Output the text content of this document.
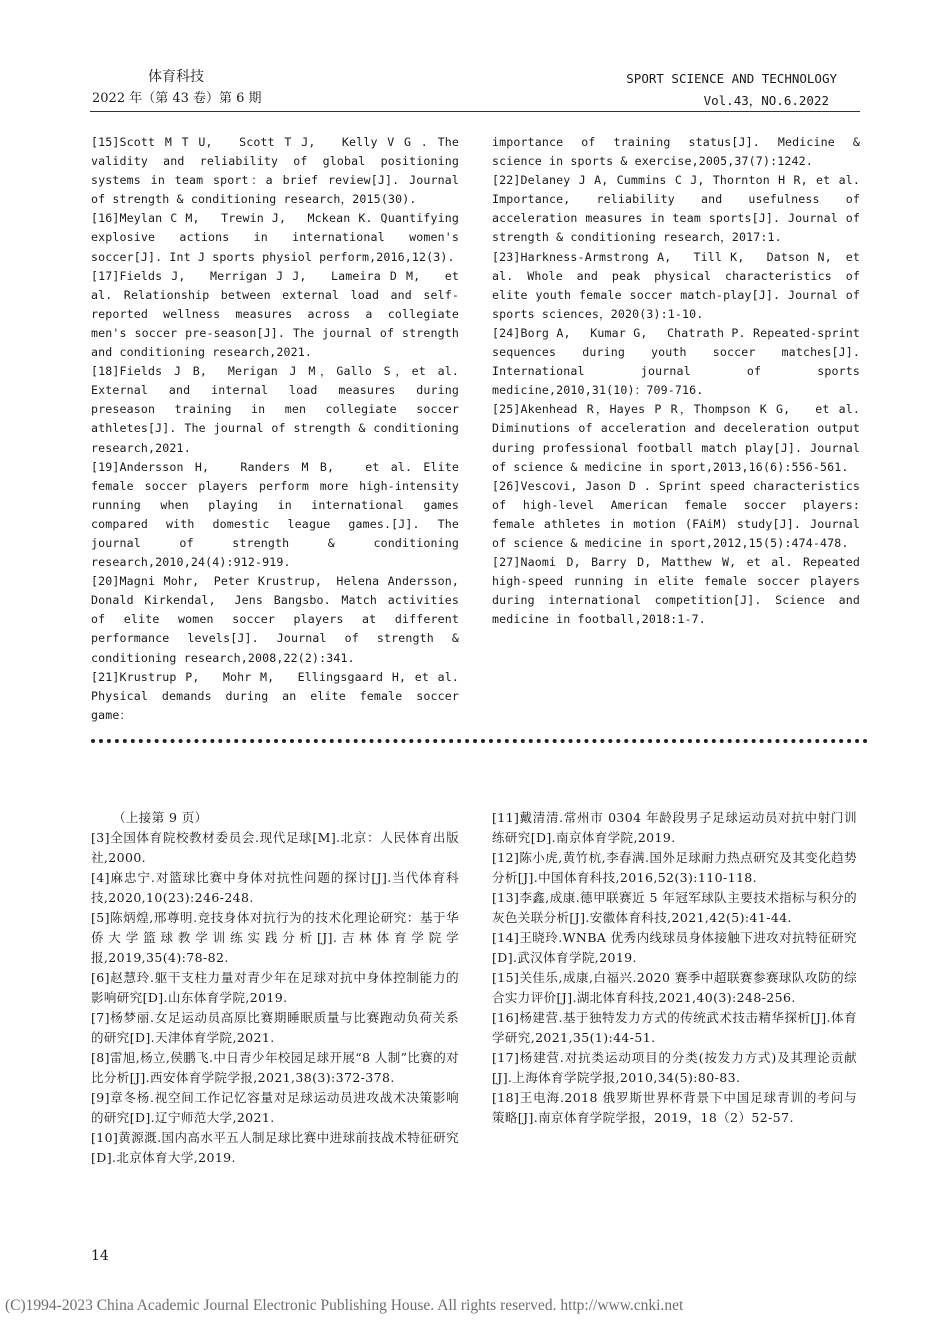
体育科技
2022 年（第 43 卷）第 6 期
SPORT SCIENCE AND TECHNOLOGY
Vol.43，NO.6.2022

[15]Scott M T U,　 Scott T J,　 Kelly V G . The validity and reliability of global positioning systems in team sport：a brief review[J]. Journal of strength & conditioning research，2015(30).

[16]Meylan C M,　 Trewin J,　 Mckean K. Quantifying explosive actions in international women's soccer[J]. Int J sports physiol perform,2016,12(3).

[17]Fields J,　 Merrigan J J,　 Lameira D M,　 et al. Relationship between external load and self-reported wellness measures across a collegiate men's soccer pre-season[J]. The journal of strength and conditioning research,2021.

[18]Fields J B,　Merigan J M，Gallo S，et al. External and internal load measures during preseason training in men collegiate soccer athletes[J]. The journal of strength & conditioning research,2021.

[19]Andersson H,　 Randers M B,　 et al. Elite female soccer players perform more high-intensity running when playing in international games compared with domestic league games.[J]. The journal of strength & conditioning research,2010,24(4):912-919.

[20]Magni Mohr,　Peter Krustrup,　Helena Andersson,　Donald Kirkendal,　Jens Bangsbo. Match activities of elite women soccer players at different performance levels[J]. Journal of strength & conditioning research,2008,22(2):341.

[21]Krustrup P,　 Mohr M,　 Ellingsgaard H, et al. Physical demands during an elite female soccer game：

importance of training status[J]. Medicine & science in sports & exercise,2005,37(7):1242.

[22]Delaney J A, Cummins C J, Thornton H R, et al. Importance, reliability and usefulness of acceleration measures in team sports[J]. Journal of strength & conditioning research，2017:1.

[23]Harkness-Armstrong A,　 Till K,　 Datson N,　et al. Whole and peak physical characteristics of elite youth female soccer match-play[J]. Journal of sports sciences，2020(3):1-10.

[24]Borg A,　 Kumar G,　 Chatrath P. Repeated-sprint sequences during youth soccer matches[J]. International journal of sports medicine,2010,31(10)：709-716.

[25]Akenhead R，Hayes P R，Thompson K G,　 et al. Diminutions of acceleration and deceleration output during professional football match play[J]. Journal of science & medicine in sport,2013,16(6):556-561.

[26]Vescovi, Jason D . Sprint speed characteristics of high-level American female soccer players: female athletes in motion (FAiM) study[J]. Journal of science & medicine in sport,2012,15(5):474-478.

[27]Naomi D, Barry D, Matthew W, et al. Repeated high-speed running in elite female soccer players during international competition[J]. Science and medicine in football,2018:1-7.

（上接第 9 页）

[3]全国体育院校教材委员会.现代足球[M].北京：人民体育出版社,2000.

[4]麻忠宁.对篮球比赛中身体对抗性问题的探讨[J].当代体育科技,2020,10(23):246-248.

[5]陈炳煌,邢尊明.竞技身体对抗行为的技术化理论研究：基于华侨大学篮球教学训练实践分析[J].吉林体育学院学报,2019,35(4):78-82.

[6]赵慧玲.躯干支柱力量对青少年在足球对抗中身体控制能力的影响研究[D].山东体育学院,2019.

[7]杨梦丽.女足运动员高原比赛期睡眠质量与比赛跑动负荷关系的研究[D].天津体育学院,2021.

[8]雷旭,杨立,侯鹏飞.中日青少年校园足球开展“8 人制”比赛的对比分析[J].西安体育学院学报,2021,38(3):372-378.

[9]章冬杨.视空间工作记忆容量对足球运动员进攻战术决策影响的研究[D].辽宁师范大学,2021.

[10]黄源溉.国内高水平五人制足球比赛中进球前技战术特征研究[D].北京体育大学,2019.

[11]戴清清.常州市 0304 年龄段男子足球运动员对抗中射门训练研究[D].南京体育学院,2019.

[12]陈小虎,黄竹杭,李春满.国外足球耐力热点研究及其变化趋势分析[J].中国体育科技,2016,52(3):110-118.

[13]李鑫,成康.德甲联赛近 5 年冠军球队主要技术指标与积分的灰色关联分析[J].安徽体育科技,2021,42(5):41-44.

[14]王晓玲.WNBA 优秀内线球员身体接触下进攻对抗特征研究[D].武汉体育学院,2019.

[15]关佳乐,成康,白福兴.2020 赛季中超联赛参赛球队攻防的综合实力评价[J].湖北体育科技,2021,40(3):248-256.

[16]杨建营.基于独特发力方式的传统武术技击精华探析[J].体育学研究,2021,35(1):44-51.

[17]杨建营.对抗类运动项目的分类(按发力方式)及其理论贡献[J].上海体育学院学报,2010,34(5):80-83.

[18]王电海.2018 俄罗斯世界杯背景下中国足球青训的考问与策略[J].南京体育学院学报，2019，18（2）52-57.

14
(C)1994-2023 China Academic Journal Electronic Publishing House. All rights reserved. http://www.cnki.net
